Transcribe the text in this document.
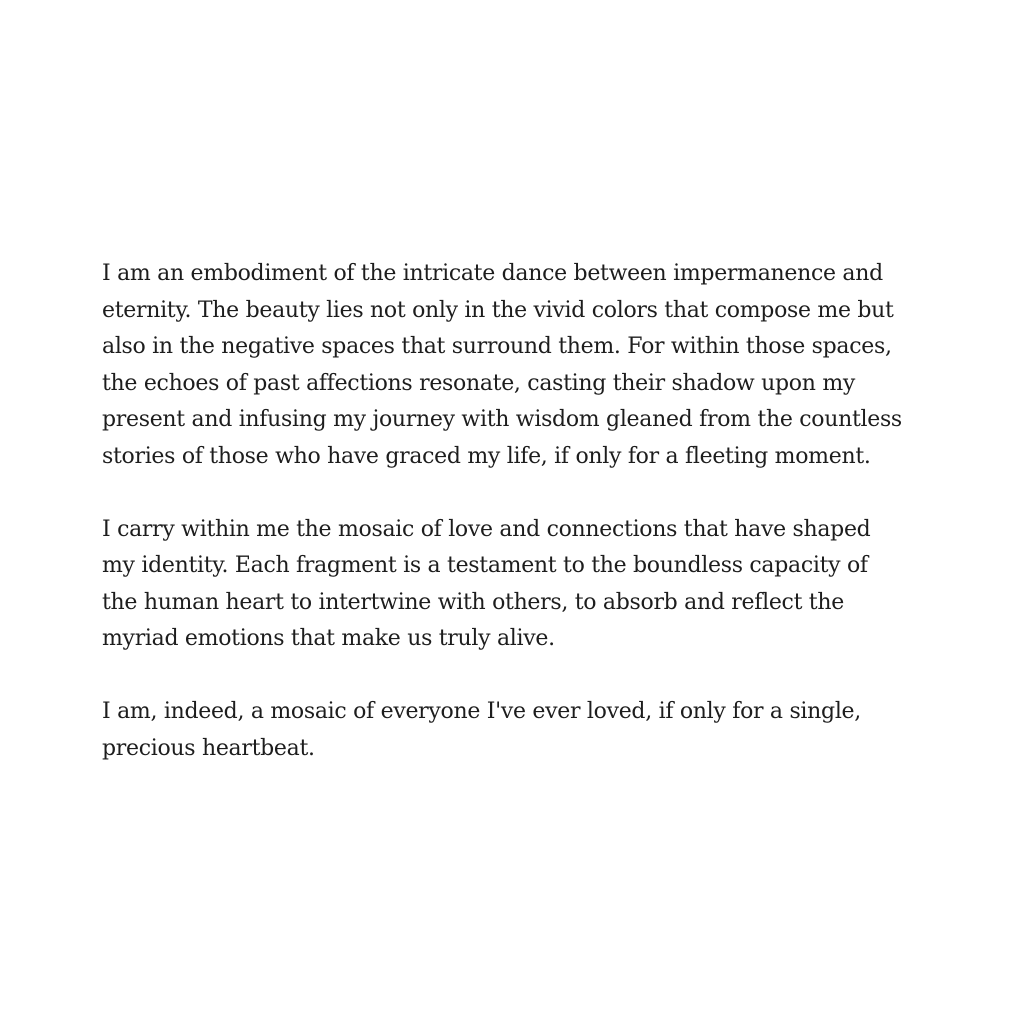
I am an embodiment of the intricate dance between impermanence and
eternity. The beauty lies not only in the vivid colors that compose me but
also in the negative spaces that surround them. For within those spaces,
the echoes of past affections resonate, casting their shadow upon my
present and infusing my journey with wisdom gleaned from the countless
stories of those who have graced my life, if only for a fleeting moment.

I carry within me the mosaic of love and connections that have shaped
my identity. Each fragment is a testament to the boundless capacity of
the human heart to intertwine with others, to absorb and reflect the
myriad emotions that make us truly alive.

I am, indeed, a mosaic of everyone I've ever loved, if only for a single,
precious heartbeat.
